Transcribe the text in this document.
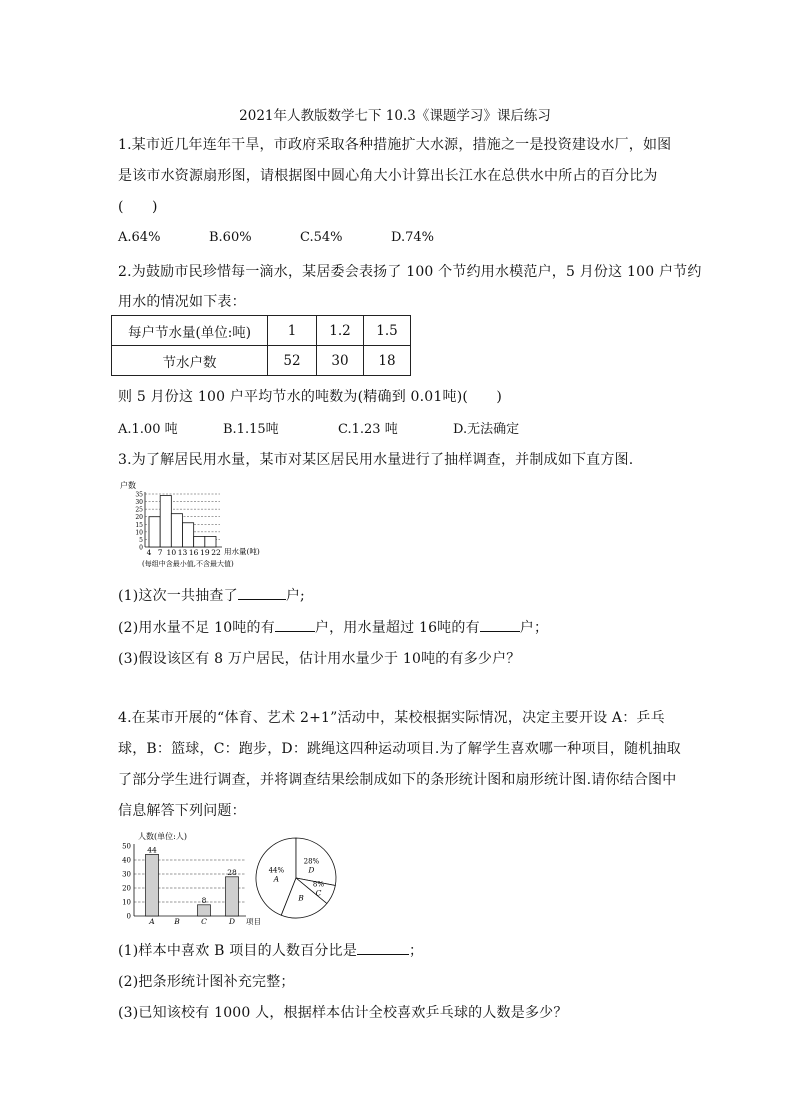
2021年人教版数学七下 10.3《课题学习》课后练习
1.某市近几年连年干旱，市政府采取各种措施扩大水源，措施之一是投资建设水厂，如图
是该市水资源扇形图，请根据图中圆心角大小计算出长江水在总供水中所占的百分比为
(　　)
A.64%	B.60%	C.54%	D.74%
2.为鼓励市民珍惜每一滴水，某居委会表扬了 100 个节约用水模范户，5 月份这 100 户节约
用水的情况如下表：
每户节水量(单位:吨)	1	1.2	1.5
节水户数	52	30	18
则 5 月份这 100 户平均节水的吨数为(精确到 0.01吨)(　　)
A.1.00 吨	B.1.15吨	C.1.23 吨	D.无法确定
3.为了解居民用水量，某市对某区居民用水量进行了抽样调查，并制成如下直方图.
户数
0
5
10
15
20
25
30
35
4 7 10 13 16 19 22 用水量(吨)
(每组中含最小值,不含最大值)
(1)这次一共抽查了	户;
(2)用水量不足 10吨的有	户，用水量超过 16吨的有	户；
(3)假设该区有 8 万户居民，估计用水量少于 10吨的有多少户？
4.在某市开展的“体育、艺术 2+1”活动中，某校根据实际情况，决定主要开设 A：乒乓
球，B：篮球，C：跑步，D：跳绳这四种运动项目.为了解学生喜欢哪一种项目，随机抽取
了部分学生进行调查，并将调查结果绘制成如下的条形统计图和扇形统计图.请你结合图中
信息解答下列问题：
人数(单位:人)
0
10
20
30
40
50 44
8
28
A	B	C	D 项目
44%
A
B
8%
C
28%
D
(1)样本中喜欢 B 项目的人数百分比是	；
(2)把条形统计图补充完整；
(3)已知该校有 1000 人，根据样本估计全校喜欢乒乓球的人数是多少？
